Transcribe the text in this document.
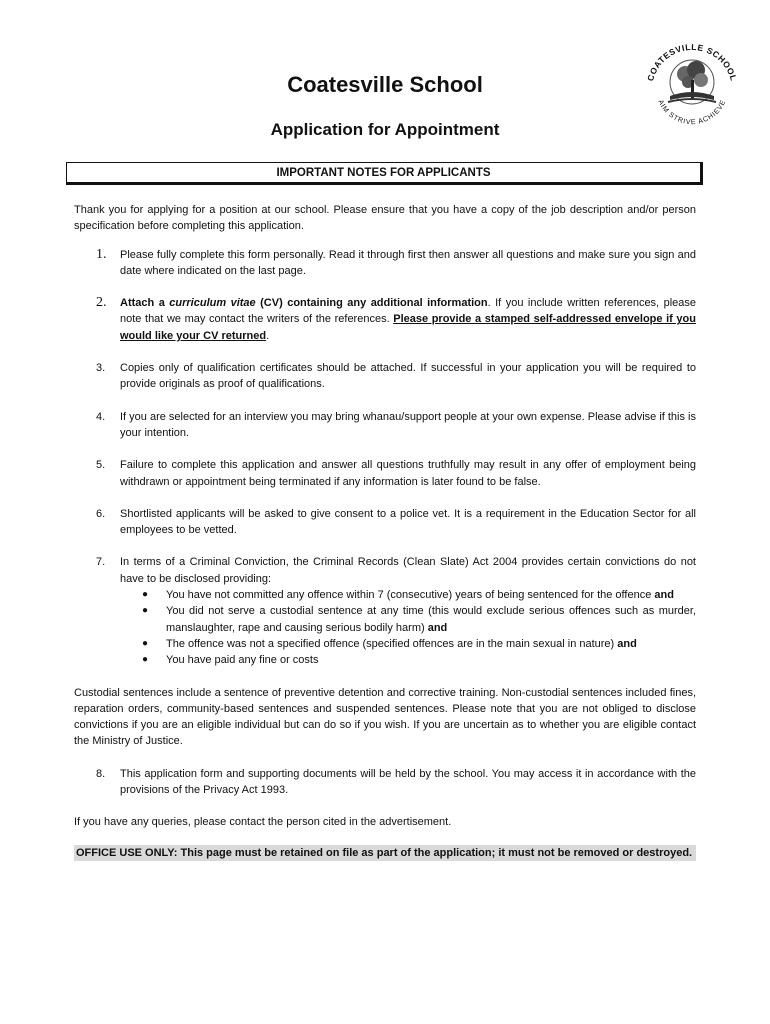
COATESVILLE SCHOOL
AIM STRIVE ACHIEVE
Coatesville School
Application for Appointment
IMPORTANT NOTES FOR APPLICANTS

Thank you for applying for a position at our school. Please ensure that you have a copy of the job description and/or person specification before completing this application.

1.	Please fully complete this form personally. Read it through first then answer all questions and make sure you sign and date where indicated on the last page.
2.	Attach a curriculum vitae (CV) containing any additional information. If you include written references, please note that we may contact the writers of the references. Please provide a stamped self-addressed envelope if you would like your CV returned.
3.	Copies only of qualification certificates should be attached. If successful in your application you will be required to provide originals as proof of qualifications.
4.	If you are selected for an interview you may bring whanau/support people at your own expense. Please advise if this is your intention.
5.	Failure to complete this application and answer all questions truthfully may result in any offer of employment being withdrawn or appointment being terminated if any information is later found to be false.
6.	Shortlisted applicants will be asked to give consent to a police vet. It is a requirement in the Education Sector for all employees to be vetted.
7.	In terms of a Criminal Conviction, the Criminal Records (Clean Slate) Act 2004 provides certain convictions do not have to be disclosed providing:
●	You have not committed any offence within 7 (consecutive) years of being sentenced for the offence and
●	You did not serve a custodial sentence at any time (this would exclude serious offences such as murder, manslaughter, rape and causing serious bodily harm) and
●	The offence was not a specified offence (specified offences are in the main sexual in nature) and
●	You have paid any fine or costs

Custodial sentences include a sentence of preventive detention and corrective training. Non-custodial sentences included fines, reparation orders, community-based sentences and suspended sentences. Please note that you are not obliged to disclose convictions if you are an eligible individual but can do so if you wish. If you are uncertain as to whether you are eligible contact the Ministry of Justice.

8.	This application form and supporting documents will be held by the school. You may access it in accordance with the provisions of the Privacy Act 1993.

If you have any queries, please contact the person cited in the advertisement.

OFFICE USE ONLY: This page must be retained on file as part of the application; it must not be removed or destroyed.
